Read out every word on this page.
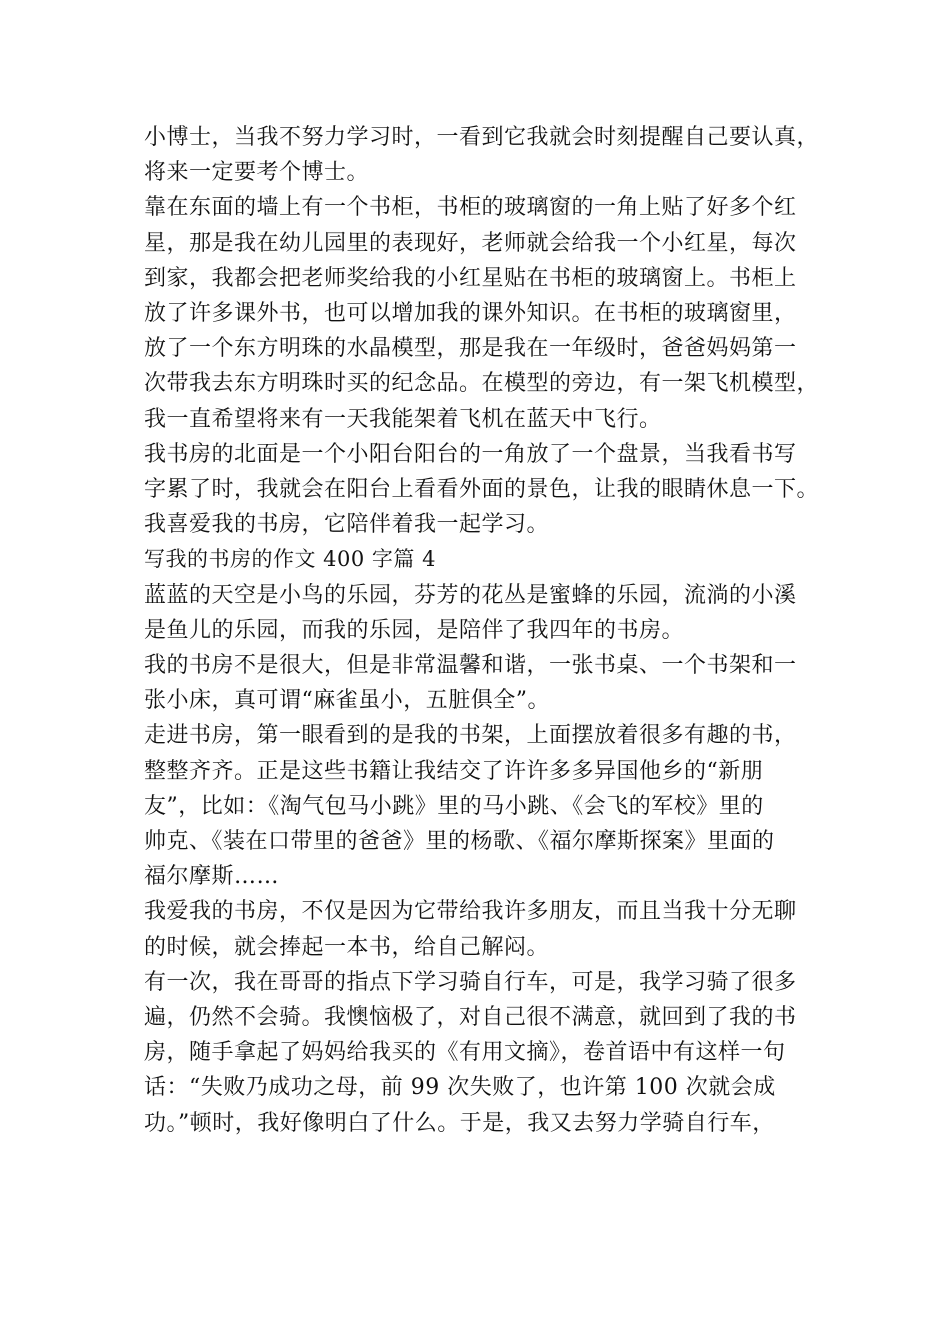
小博士，当我不努力学习时，一看到它我就会时刻提醒自己要认真，
将来一定要考个博士。

靠在东面的墙上有一个书柜，书柜的玻璃窗的一角上贴了好多个红
星，那是我在幼儿园里的表现好，老师就会给我一个小红星，每次
到家，我都会把老师奖给我的小红星贴在书柜的玻璃窗上。书柜上
放了许多课外书，也可以增加我的课外知识。在书柜的玻璃窗里，
放了一个东方明珠的水晶模型，那是我在一年级时，爸爸妈妈第一
次带我去东方明珠时买的纪念品。在模型的旁边，有一架飞机模型，
我一直希望将来有一天我能架着飞机在蓝天中飞行。

我书房的北面是一个小阳台阳台的一角放了一个盘景，当我看书写
字累了时，我就会在阳台上看看外面的景色，让我的眼睛休息一下。

我喜爱我的书房，它陪伴着我一起学习。

写我的书房的作文 400 字篇 4

蓝蓝的天空是小鸟的乐园，芬芳的花丛是蜜蜂的乐园，流淌的小溪
是鱼儿的乐园，而我的乐园，是陪伴了我四年的书房。

我的书房不是很大，但是非常温馨和谐，一张书桌、一个书架和一
张小床，真可谓“麻雀虽小，五脏俱全”。

走进书房，第一眼看到的是我的书架，上面摆放着很多有趣的书，
整整齐齐。正是这些书籍让我结交了许许多多异国他乡的“新朋
友”，比如：《淘气包马小跳》里的马小跳、《会飞的军校》里的
帅克、《装在口带里的爸爸》里的杨歌、《福尔摩斯探案》里面的
福尔摩斯……

我爱我的书房，不仅是因为它带给我许多朋友，而且当我十分无聊
的时候，就会捧起一本书，给自己解闷。

有一次，我在哥哥的指点下学习骑自行车，可是，我学习骑了很多
遍，仍然不会骑。我懊恼极了，对自己很不满意，就回到了我的书
房，随手拿起了妈妈给我买的《有用文摘》，卷首语中有这样一句
话：“失败乃成功之母，前 99 次失败了，也许第 100 次就会成
功。”顿时，我好像明白了什么。于是，我又去努力学骑自行车，
